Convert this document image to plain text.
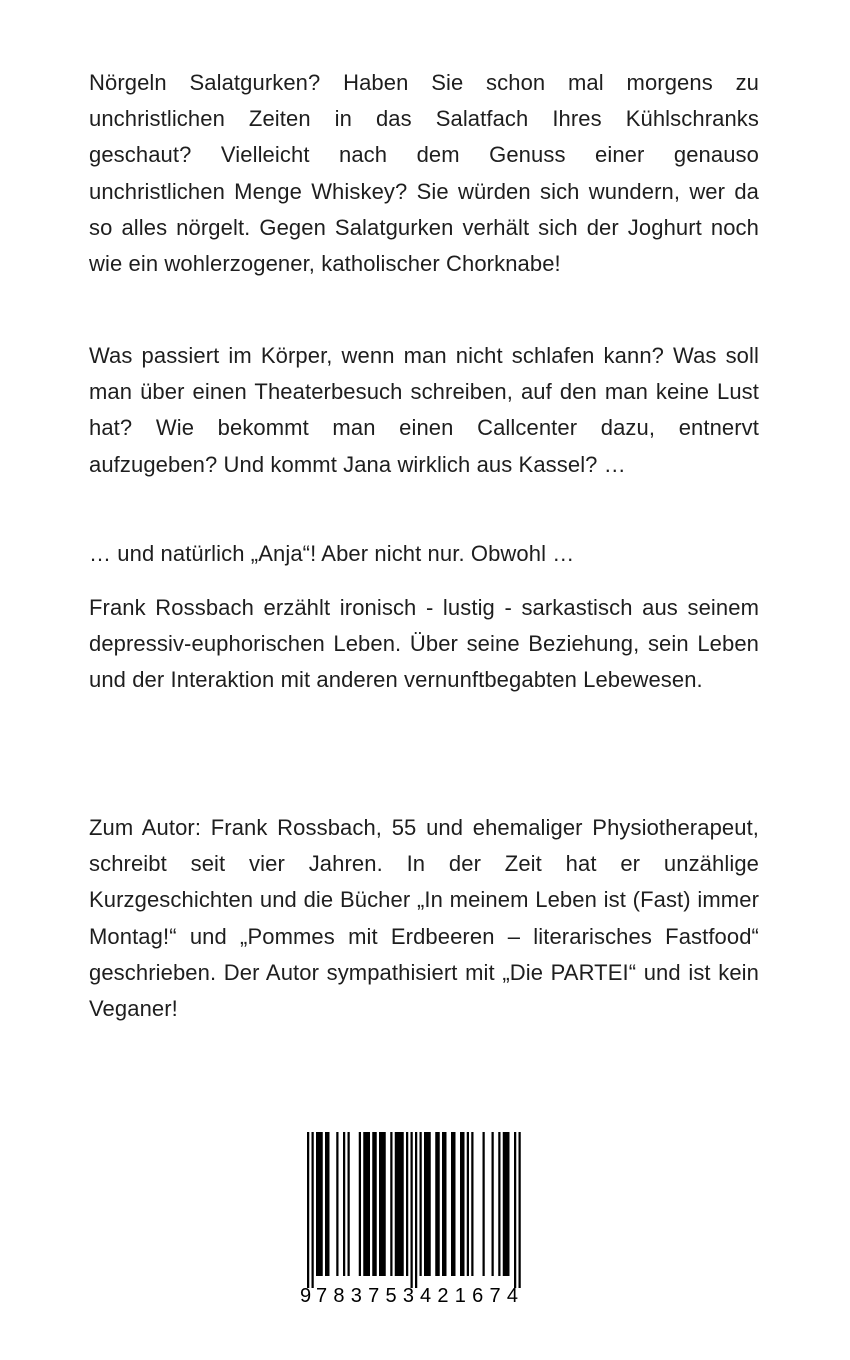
Nörgeln Salatgurken? Haben Sie schon mal morgens zu unchristlichen Zeiten in das Salatfach Ihres Kühlschranks geschaut? Vielleicht nach dem Genuss einer genauso unchristlichen Menge Whiskey? Sie würden sich wundern, wer da so alles nörgelt. Gegen Salatgurken verhält sich der Joghurt noch wie ein wohlerzogener, katholischer Chorknabe!

Was passiert im Körper, wenn man nicht schlafen kann? Was soll man über einen Theaterbesuch schreiben, auf den man keine Lust hat? Wie bekommt man einen Callcenter dazu, entnervt aufzugeben? Und kommt Jana wirklich aus Kassel? …

… und natürlich „Anja“! Aber nicht nur. Obwohl …

Frank Rossbach erzählt ironisch - lustig - sarkastisch aus seinem depressiv-euphorischen Leben. Über seine Beziehung, sein Leben und der Interaktion mit anderen vernunftbegabten Lebewesen.

Zum Autor: Frank Rossbach, 55 und ehemaliger Physiotherapeut, schreibt seit vier Jahren. In der Zeit hat er unzählige Kurzgeschichten und die Bücher „In meinem Leben ist (Fast) immer Montag!“ und „Pommes mit Erdbeeren – literarisches Fastfood“ geschrieben. Der Autor sympathisiert mit „Die PARTEI“ und ist kein Veganer!

9 783753 421674
